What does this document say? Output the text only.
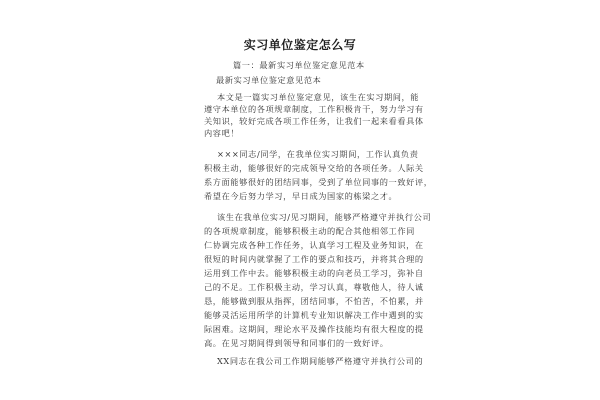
实习单位鉴定怎么写
篇一：最新实习单位鉴定意见范本
最新实习单位鉴定意见范本
本文是一篇实习单位鉴定意见，该生在实习期间，能
遵守本单位的各项规章制度，工作积极肯干，努力学习有
关知识，较好完成各项工作任务，让我们一起来看看具体
内容吧！
×××同志/同学，在我单位实习期间，工作认真负责
积极主动，能够很好的完成领导交给的各项任务。人际关
系方面能够很好的团结同事，受到了单位同事的一致好评，
希望在今后努力学习，早日成为国家的栋梁之才。
该生在我单位实习/见习期间，能够严格遵守并执行公司
的各项规章制度，能够积极主动的配合其他相邻工作同
仁协调完成各种工作任务，认真学习工程及业务知识，在
很短的时间内就掌握了工作的要点和技巧，并将其合理的
运用到工作中去。能够积极主动的向老员工学习，弥补自
己的不足。工作积极主动，学习认真，尊敬他人，待人诚
恳，能够做到服从指挥，团结同事，不怕苦，不怕累，并
能够灵活运用所学的计算机专业知识解决工作中遇到的实
际困难。这期间，理论水平及操作技能均有很大程度的提
高。在见习期间得到领导和同事们的一致好评。
XX同志在我公司工作期间能够严格遵守并执行公司的
